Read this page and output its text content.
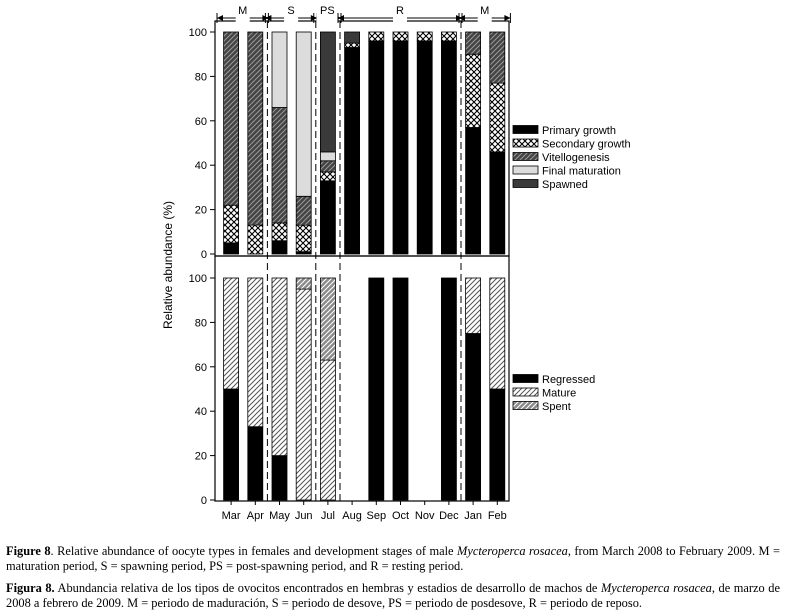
Relative abundance (%) 0
20
40
60
80
100
0
20
40
60
80
100
Mar Apr May Jun Jul Aug Sep Oct Nov Dec Jan Feb
M	S PS	R	M
Primary growth
Secondary growth
Vitellogenesis
Final maturation
Spawned
Regressed
Mature
Spent
Figure 8. Relative abundance of oocyte types in females and development stages of male Mycteroperca rosacea, from March 2008 to February 2009. M = maturation period, S = spawning period, PS = post-spawning period, and R = resting period.
Figura 8. Abundancia relativa de los tipos de ovocitos encontrados en hembras y estadios de desarrollo de machos de Mycteroperca rosacea, de marzo de 2008 a febrero de 2009. M = periodo de maduración, S = periodo de desove, PS = periodo de posdesove, R = periodo de reposo.
